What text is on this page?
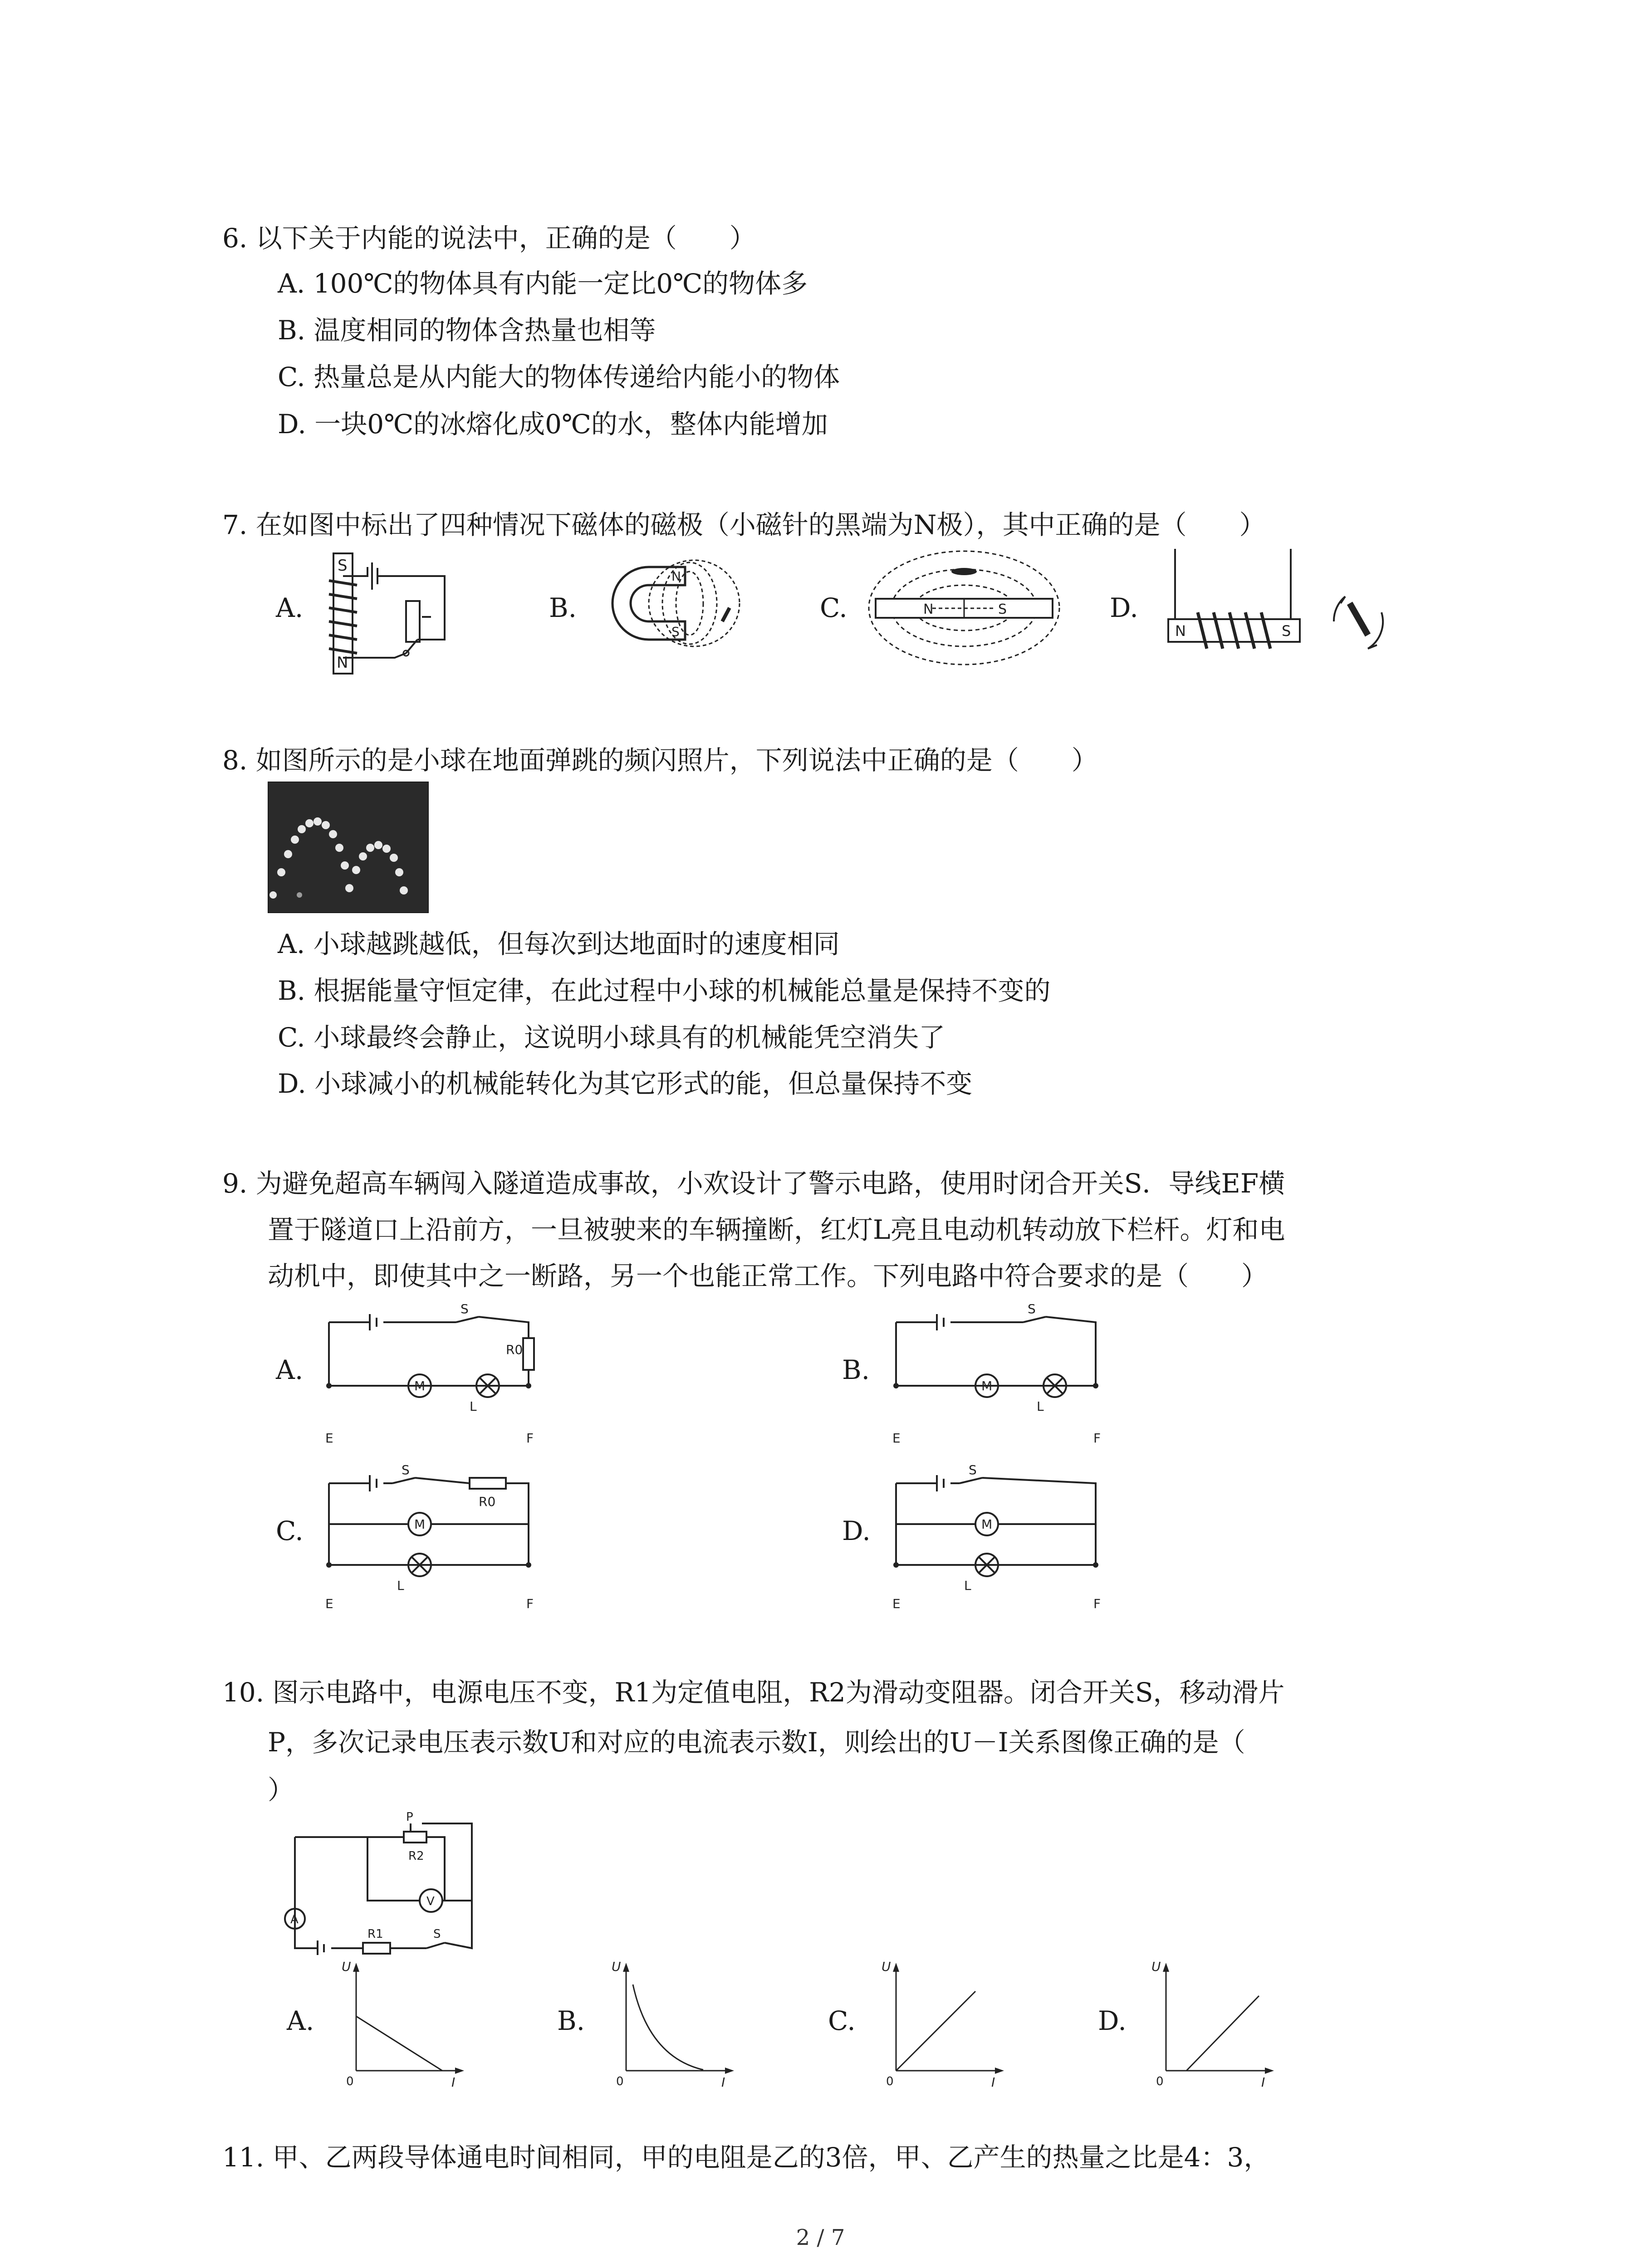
6. 以下关于内能的说法中，正确的是（　　）
A. 100℃的物体具有内能一定比0℃的物体多
B. 温度相同的物体含热量也相等
C. 热量总是从内能大的物体传递给内能小的物体
D. 一块0℃的冰熔化成0℃的水，整体内能增加
7. 在如图中标出了四种情况下磁体的磁极（小磁针的黑端为N极），其中正确的是（　　）
A.	B.	C.	D.
S
N
N
S
N	S
N	S
8. 如图所示的是小球在地面弹跳的频闪照片，下列说法中正确的是（　　）
A. 小球越跳越低，但每次到达地面时的速度相同
B. 根据能量守恒定律，在此过程中小球的机械能总量是保持不变的
C. 小球最终会静止，这说明小球具有的机械能凭空消失了
D. 小球减小的机械能转化为其它形式的能，但总量保持不变
9. 为避免超高车辆闯入隧道造成事故，小欢设计了警示电路，使用时闭合开关S．导线EF横
置于隧道口上沿前方，一旦被驶来的车辆撞断，红灯L亮且电动机转动放下栏杆。灯和电
动机中，即使其中之一断路，另一个也能正常工作。下列电路中符合要求的是（　　）
A.	B.
C.	D.
S
R0
M
L
E	F
S
M
L
E	F
S
R0
M
L
E	F
S
M
L
E	F
10. 图示电路中，电源电压不变，R1为定值电阻，R2为滑动变阻器。闭合开关S，移动滑片
P，多次记录电压表示数U和对应的电流表示数I，则绘出的U－I关系图像正确的是（
）
P
R2
V
A
R1	S
A.	B.	C.	D.
U
0	I
U
0	I
U
0	I
U
0	I
11. 甲、乙两段导体通电时间相同，甲的电阻是乙的3倍，甲、乙产生的热量之比是4：3，
2 / 7
